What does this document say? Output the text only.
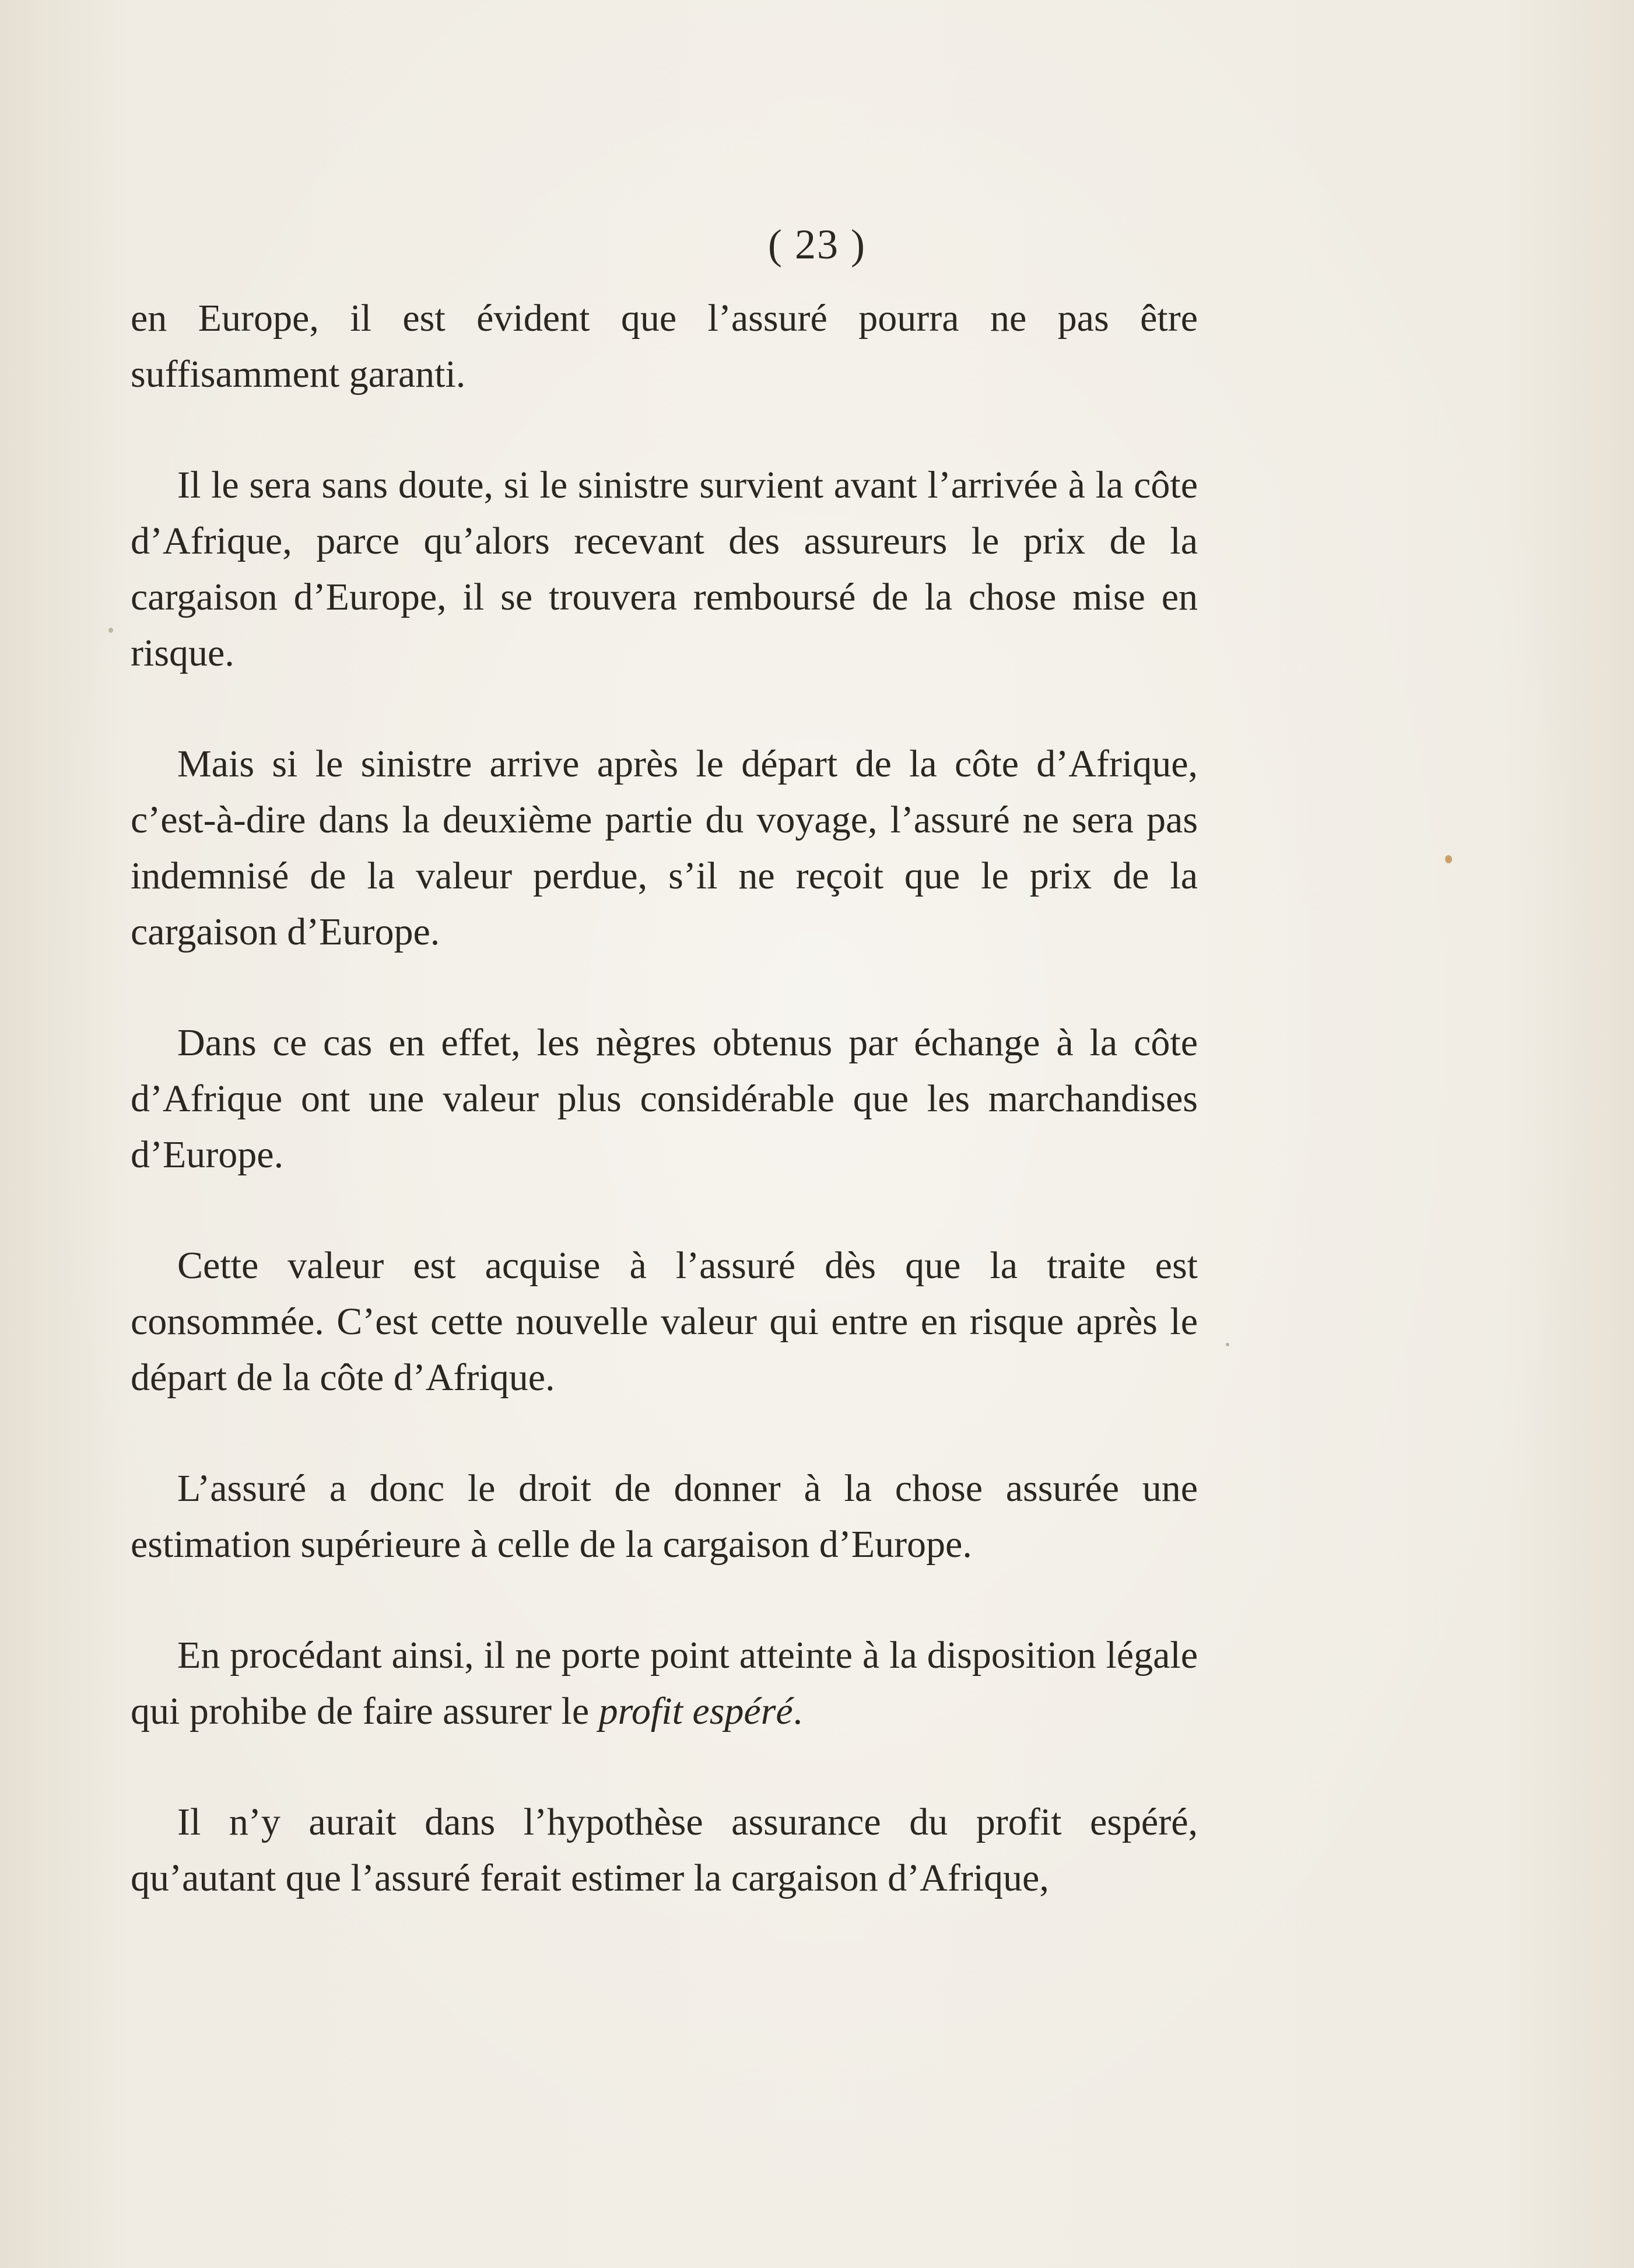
( 23 )

en Europe, il est évident que l’assuré pourra ne pas être suffisamment garanti.

Il le sera sans doute, si le sinistre survient avant l’arrivée à la côte d’Afrique, parce qu’alors recevant des assureurs le prix de la cargaison d’Europe, il se trouvera remboursé de la chose mise en risque.

Mais si le sinistre arrive après le départ de la côte d’Afrique, c’est-à-dire dans la deuxième partie du voyage, l’assuré ne sera pas indemnisé de la valeur perdue, s’il ne reçoit que le prix de la cargaison d’Europe.

Dans ce cas en effet, les nègres obtenus par échange à la côte d’Afrique ont une valeur plus considérable que les marchandises d’Europe.

Cette valeur est acquise à l’assuré dès que la traite est consommée. C’est cette nouvelle valeur qui entre en risque après le départ de la côte d’Afrique.

L’assuré a donc le droit de donner à la chose assurée une estimation supérieure à celle de la cargaison d’Europe.

En procédant ainsi, il ne porte point atteinte à la disposition légale qui prohibe de faire assurer le profit espéré.

Il n’y aurait dans l’hypothèse assurance du profit espéré, qu’autant que l’assuré ferait estimer la cargaison d’Afrique,
